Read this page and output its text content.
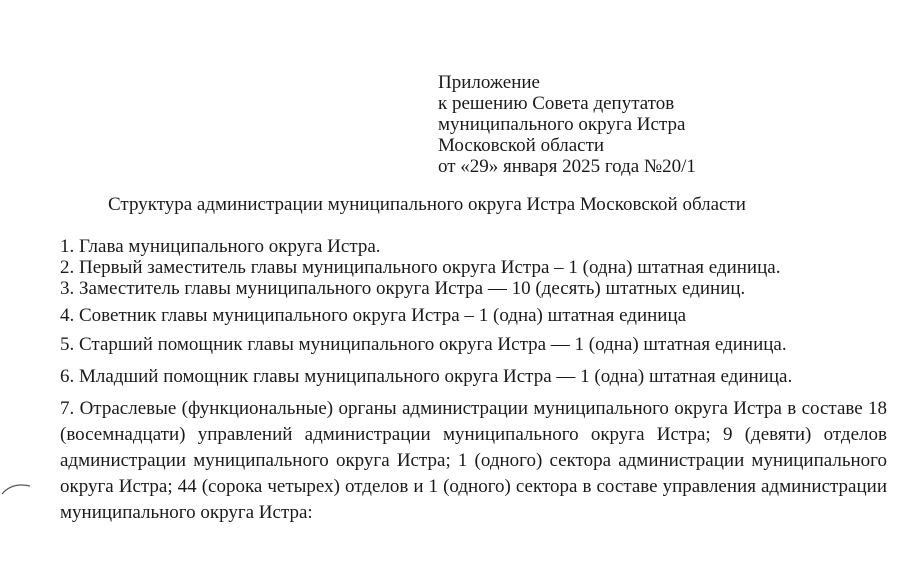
Приложение
к решению Совета депутатов
муниципального округа Истра
Московской области
от «29» января 2025 года №20/1
Структура администрации муниципального округа Истра Московской области
1. Глава муниципального округа Истра.
2. Первый заместитель главы муниципального округа Истра – 1 (одна) штатная единица.
3. Заместитель главы муниципального округа Истра — 10 (десять) штатных единиц.
4. Советник главы муниципального округа Истра – 1 (одна) штатная единица
5. Старший помощник главы муниципального округа Истра — 1 (одна) штатная единица.
6. Младший помощник главы муниципального округа Истра — 1 (одна) штатная единица.
7. Отраслевые (функциональные) органы администрации муниципального округа Истра в составе 18 (восемнадцати) управлений администрации муниципального округа Истра; 9 (девяти) отделов администрации муниципального округа Истра; 1 (одного) сектора администрации муниципального округа Истра; 44 (сорока четырех) отделов и 1 (одного) сектора в составе управления администрации муниципального округа Истра:
